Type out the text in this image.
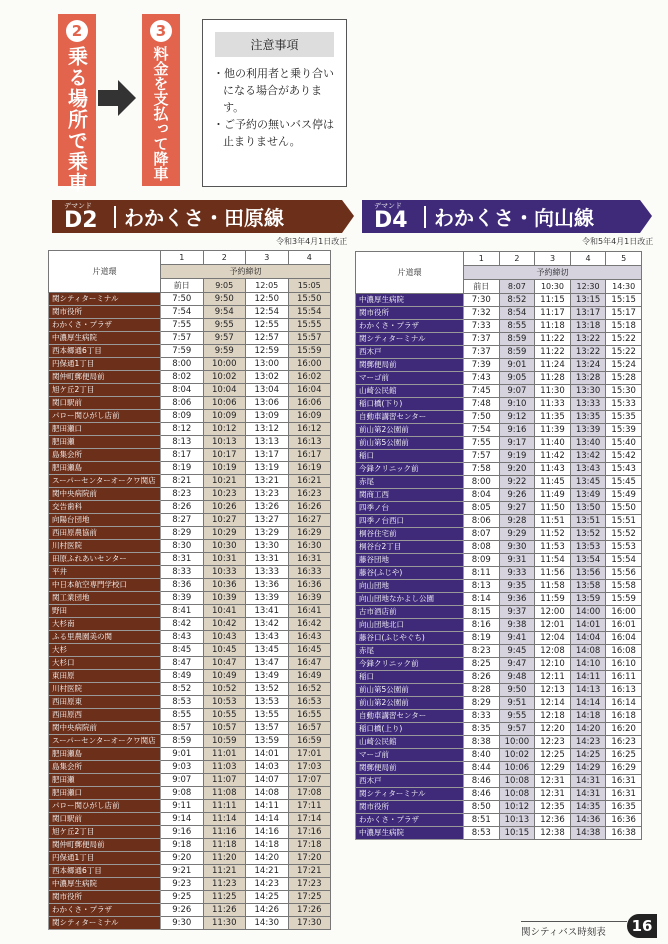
2
乗る場所で乗車
3
料金を支払って降車
注意事項
・他の利用者と乗り合いになる場合があります。
・ご予約の無いバス停は止まりません。
デマンド
D2 わかくさ・田原線
令和3年4月1日改正
デマンド
D4 わかくさ・向山線
令和5年4月1日改正
片道環	1	2	3	4
	予約締切			
	前日	9:05	12:05	15:05
関シティターミナル	7:50	9:50	12:50	15:50
関市役所	7:54	9:54	12:54	15:54
わかくさ・プラザ	7:55	9:55	12:55	15:55
中濃厚生病院	7:57	9:57	12:57	15:57
西本郷通6丁目	7:59	9:59	12:59	15:59
円保通1丁目	8:00	10:00	13:00	16:00
関仲町郵便局前	8:02	10:02	13:02	16:02
旭ケ丘2丁目	8:04	10:04	13:04	16:04
関口駅前	8:06	10:06	13:06	16:06
パロー関ひがし店前	8:09	10:09	13:09	16:09
肥田瀬口	8:12	10:12	13:12	16:12
肥田瀬	8:13	10:13	13:13	16:13
島集会所	8:17	10:17	13:17	16:17
肥田瀬島	8:19	10:19	13:19	16:19
スーパーセンターオークワ関店	8:21	10:21	13:21	16:21
関中央病院前	8:23	10:23	13:23	16:23
交告歯科	8:26	10:26	13:26	16:26
向陽台団地	8:27	10:27	13:27	16:27
西田原農協前	8:29	10:29	13:29	16:29
川村医院	8:30	10:30	13:30	16:30
田原ふれあいセンター	8:31	10:31	13:31	16:31
平井	8:33	10:33	13:33	16:33
中日本航空専門学校口	8:36	10:36	13:36	16:36
関工業団地	8:39	10:39	13:39	16:39
野田	8:41	10:41	13:41	16:41
大杉南	8:42	10:42	13:42	16:42
ふる里農園美の関	8:43	10:43	13:43	16:43
大杉	8:45	10:45	13:45	16:45
大杉口	8:47	10:47	13:47	16:47
東田原	8:49	10:49	13:49	16:49
川村医院	8:52	10:52	13:52	16:52
西田原東	8:53	10:53	13:53	16:53
西田原西	8:55	10:55	13:55	16:55
関中央病院前	8:57	10:57	13:57	16:57
スーパーセンターオークワ関店	8:59	10:59	13:59	16:59
肥田瀬島	9:01	11:01	14:01	17:01
島集会所	9:03	11:03	14:03	17:03
肥田瀬	9:07	11:07	14:07	17:07
肥田瀬口	9:08	11:08	14:08	17:08
パロー関ひがし店前	9:11	11:11	14:11	17:11
関口駅前	9:14	11:14	14:14	17:14
旭ケ丘2丁目	9:16	11:16	14:16	17:16
関仲町郵便局前	9:18	11:18	14:18	17:18
円保通1丁目	9:20	11:20	14:20	17:20
西本郷通6丁目	9:21	11:21	14:21	17:21
中濃厚生病院	9:23	11:23	14:23	17:23
関市役所	9:25	11:25	14:25	17:25
わかくさ・プラザ	9:26	11:26	14:26	17:26
関シティターミナル	9:30	11:30	14:30	17:30
片道環	1	2	3	4	5
	予約締切				
	前日	8:07	10:30	12:30	14:30
中濃厚生病院	7:30	8:52	11:15	13:15	15:15
関市役所	7:32	8:54	11:17	13:17	15:17
わかくさ・プラザ	7:33	8:55	11:18	13:18	15:18
関シティターミナル	7:37	8:59	11:22	13:22	15:22
西木戸	7:37	8:59	11:22	13:22	15:22
関郵便局前	7:39	9:01	11:24	13:24	15:24
マーゴ前	7:43	9:05	11:28	13:28	15:28
山崎公民館	7:45	9:07	11:30	13:30	15:30
稲口橋(下り)	7:48	9:10	11:33	13:33	15:33
自動車講習センター	7:50	9:12	11:35	13:35	15:35
前山第2公園前	7:54	9:16	11:39	13:39	15:39
前山第5公園前	7:55	9:17	11:40	13:40	15:40
稲口	7:57	9:19	11:42	13:42	15:42
今鋒クリニック前	7:58	9:20	11:43	13:43	15:43
赤尾	8:00	9:22	11:45	13:45	15:45
関商工西	8:04	9:26	11:49	13:49	15:49
四季ノ台	8:05	9:27	11:50	13:50	15:50
四季ノ台西口	8:06	9:28	11:51	13:51	15:51
桐谷住宅前	8:07	9:29	11:52	13:52	15:52
桐谷台2丁目	8:08	9:30	11:53	13:53	15:53
藤谷団地	8:09	9:31	11:54	13:54	15:54
藤谷(ふじや)	8:11	9:33	11:56	13:56	15:56
向山団地	8:13	9:35	11:58	13:58	15:58
向山団地なかよし公園	8:14	9:36	11:59	13:59	15:59
古市酒店前	8:15	9:37	12:00	14:00	16:00
向山団地北口	8:16	9:38	12:01	14:01	16:01
藤谷口(ふじやぐち)	8:19	9:41	12:04	14:04	16:04
赤尾	8:23	9:45	12:08	14:08	16:08
今鋒クリニック前	8:25	9:47	12:10	14:10	16:10
稲口	8:26	9:48	12:11	14:11	16:11
前山第5公園前	8:28	9:50	12:13	14:13	16:13
前山第2公園前	8:29	9:51	12:14	14:14	16:14
自動車講習センター	8:33	9:55	12:18	14:18	16:18
稲口橋(上り)	8:35	9:57	12:20	14:20	16:20
山崎公民館	8:38	10:00	12:23	14:23	16:23
マーゴ前	8:40	10:02	12:25	14:25	16:25
関郵便局前	8:44	10:06	12:29	14:29	16:29
西木戸	8:46	10:08	12:31	14:31	16:31
関シティターミナル	8:46	10:08	12:31	14:31	16:31
関市役所	8:50	10:12	12:35	14:35	16:35
わかくさ・プラザ	8:51	10:13	12:36	14:36	16:36
中濃厚生病院	8:53	10:15	12:38	14:38	16:38
関シティバス時刻表	16
